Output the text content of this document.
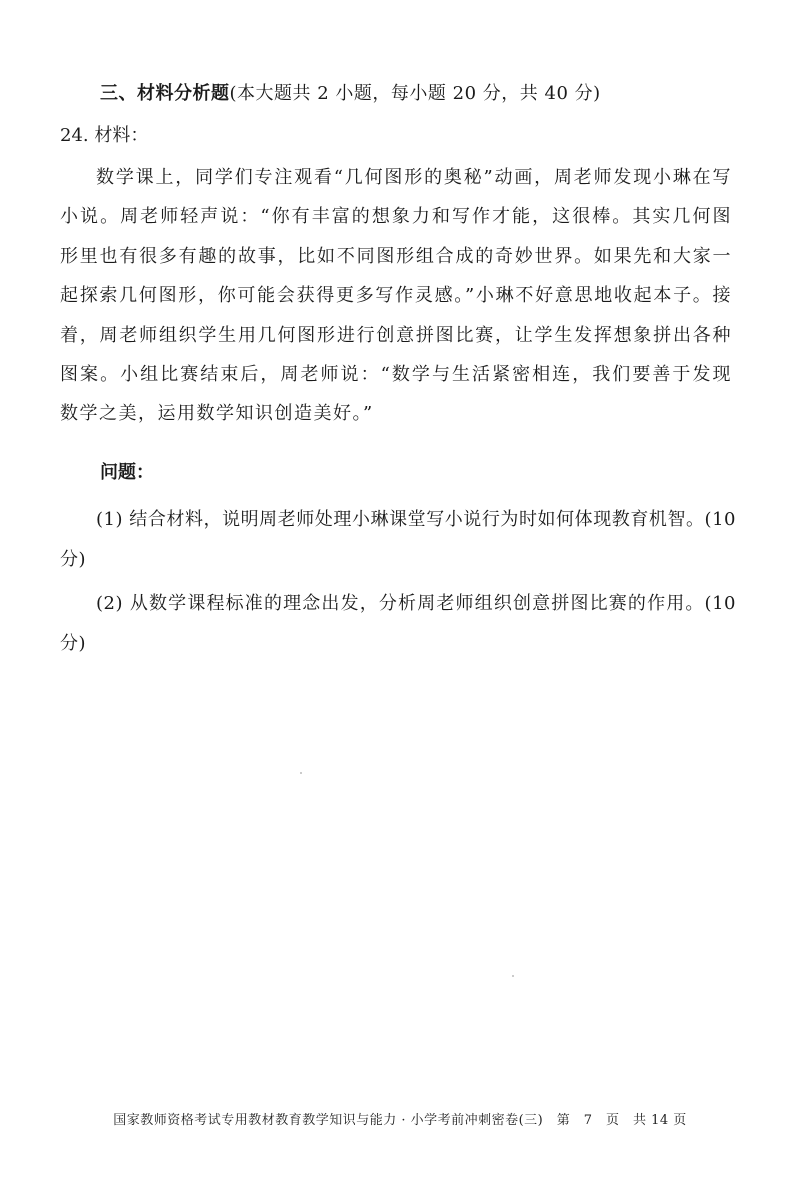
三、材料分析题(本大题共 2 小题，每小题 20 分，共 40 分)
24. 材料：

数学课上，同学们专注观看“几何图形的奥秘”动画，周老师发现小琳在写小说。周老师轻声说：“你有丰富的想象力和写作才能，这很棒。其实几何图形里也有很多有趣的故事，比如不同图形组合成的奇妙世界。如果先和大家一起探索几何图形，你可能会获得更多写作灵感。”小琳不好意思地收起本子。接着，周老师组织学生用几何图形进行创意拼图比赛，让学生发挥想象拼出各种图案。小组比赛结束后，周老师说：“数学与生活紧密相连，我们要善于发现数学之美，运用数学知识创造美好。”

问题：

(1) 结合材料，说明周老师处理小琳课堂写小说行为时如何体现教育机智。(10 分)

(2) 从数学课程标准的理念出发，分析周老师组织创意拼图比赛的作用。(10 分)

国家教师资格考试专用教材教育教学知识与能力 · 小学考前冲刺密卷(三)　第　7　页　共 14 页
